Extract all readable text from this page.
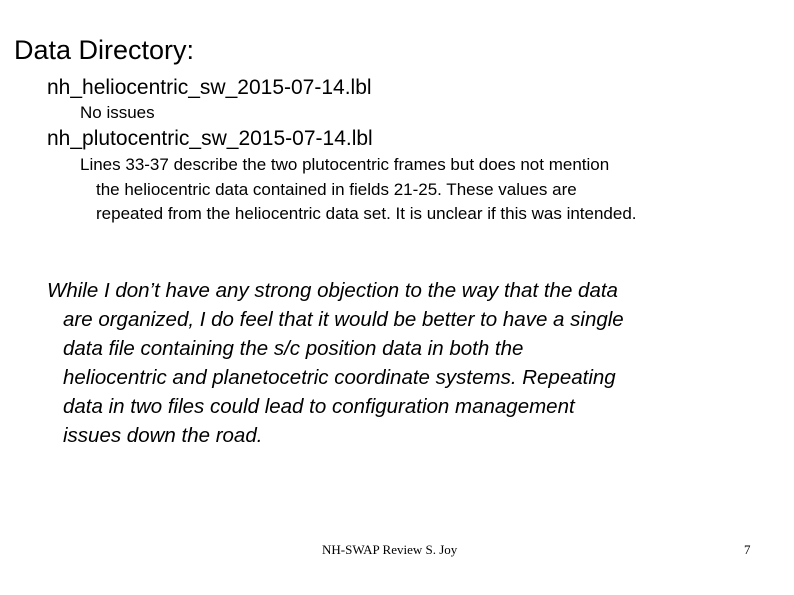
Data Directory:
nh_heliocentric_sw_2015-07-14.lbl
No issues
nh_plutocentric_sw_2015-07-14.lbl
Lines 33-37 describe the two plutocentric frames but does not mention
the heliocentric data contained in fields 21-25. These values are
repeated from the heliocentric data set. It is unclear if this was intended.
While I don’t have any strong objection to the way that the data
are organized, I do feel that it would be better to have a single
data file containing the s/c position data in both the
heliocentric and planetocetric coordinate systems. Repeating
data in two files could lead to configuration management
issues down the road.
NH-SWAP Review S. Joy	7
